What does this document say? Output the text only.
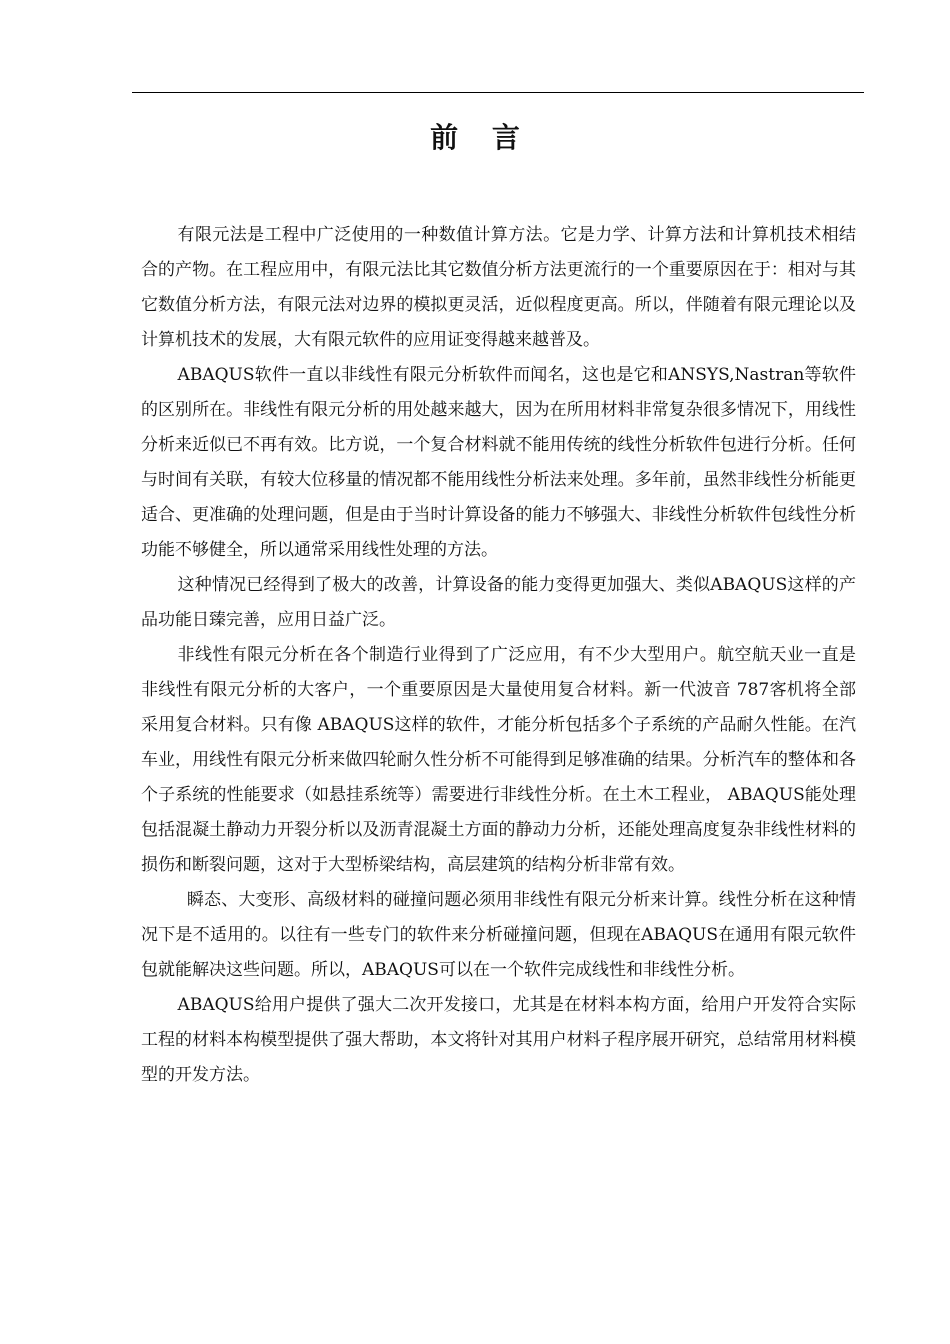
前 言

有限元法是工程中广泛使用的一种数值计算方法。它是力学、计算方法和计算机技术相结合的产物。在工程应用中，有限元法比其它数值分析方法更流行的一个重要原因在于：相对与其它数值分析方法，有限元法对边界的模拟更灵活，近似程度更高。所以，伴随着有限元理论以及计算机技术的发展，大有限元软件的应用证变得越来越普及。

ABAQUS软件一直以非线性有限元分析软件而闻名，这也是它和ANSYS,Nastran等软件的区别所在。非线性有限元分析的用处越来越大，因为在所用材料非常复杂很多情况下，用线性分析来近似已不再有效。比方说，一个复合材料就不能用传统的线性分析软件包进行分析。任何与时间有关联，有较大位移量的情况都不能用线性分析法来处理。多年前，虽然非线性分析能更适合、更准确的处理问题，但是由于当时计算设备的能力不够强大、非线性分析软件包线性分析功能不够健全，所以通常采用线性处理的方法。

这种情况已经得到了极大的改善，计算设备的能力变得更加强大、类似ABAQUS这样的产品功能日臻完善，应用日益广泛。

非线性有限元分析在各个制造行业得到了广泛应用，有不少大型用户。航空航天业一直是非线性有限元分析的大客户，一个重要原因是大量使用复合材料。新一代波音 787客机将全部采用复合材料。只有像 ABAQUS这样的软件，才能分析包括多个子系统的产品耐久性能。在汽车业，用线性有限元分析来做四轮耐久性分析不可能得到足够准确的结果。分析汽车的整体和各个子系统的性能要求（如悬挂系统等）需要进行非线性分析。在土木工程业， ABAQUS能处理包括混凝土静动力开裂分析以及沥青混凝土方面的静动力分析，还能处理高度复杂非线性材料的损伤和断裂问题，这对于大型桥梁结构，高层建筑的结构分析非常有效。

瞬态、大变形、高级材料的碰撞问题必须用非线性有限元分析来计算。线性分析在这种情况下是不适用的。以往有一些专门的软件来分析碰撞问题，但现在ABAQUS在通用有限元软件包就能解决这些问题。所以，ABAQUS可以在一个软件完成线性和非线性分析。

ABAQUS给用户提供了强大二次开发接口，尤其是在材料本构方面，给用户开发符合实际工程的材料本构模型提供了强大帮助，本文将针对其用户材料子程序展开研究，总结常用材料模型的开发方法。
